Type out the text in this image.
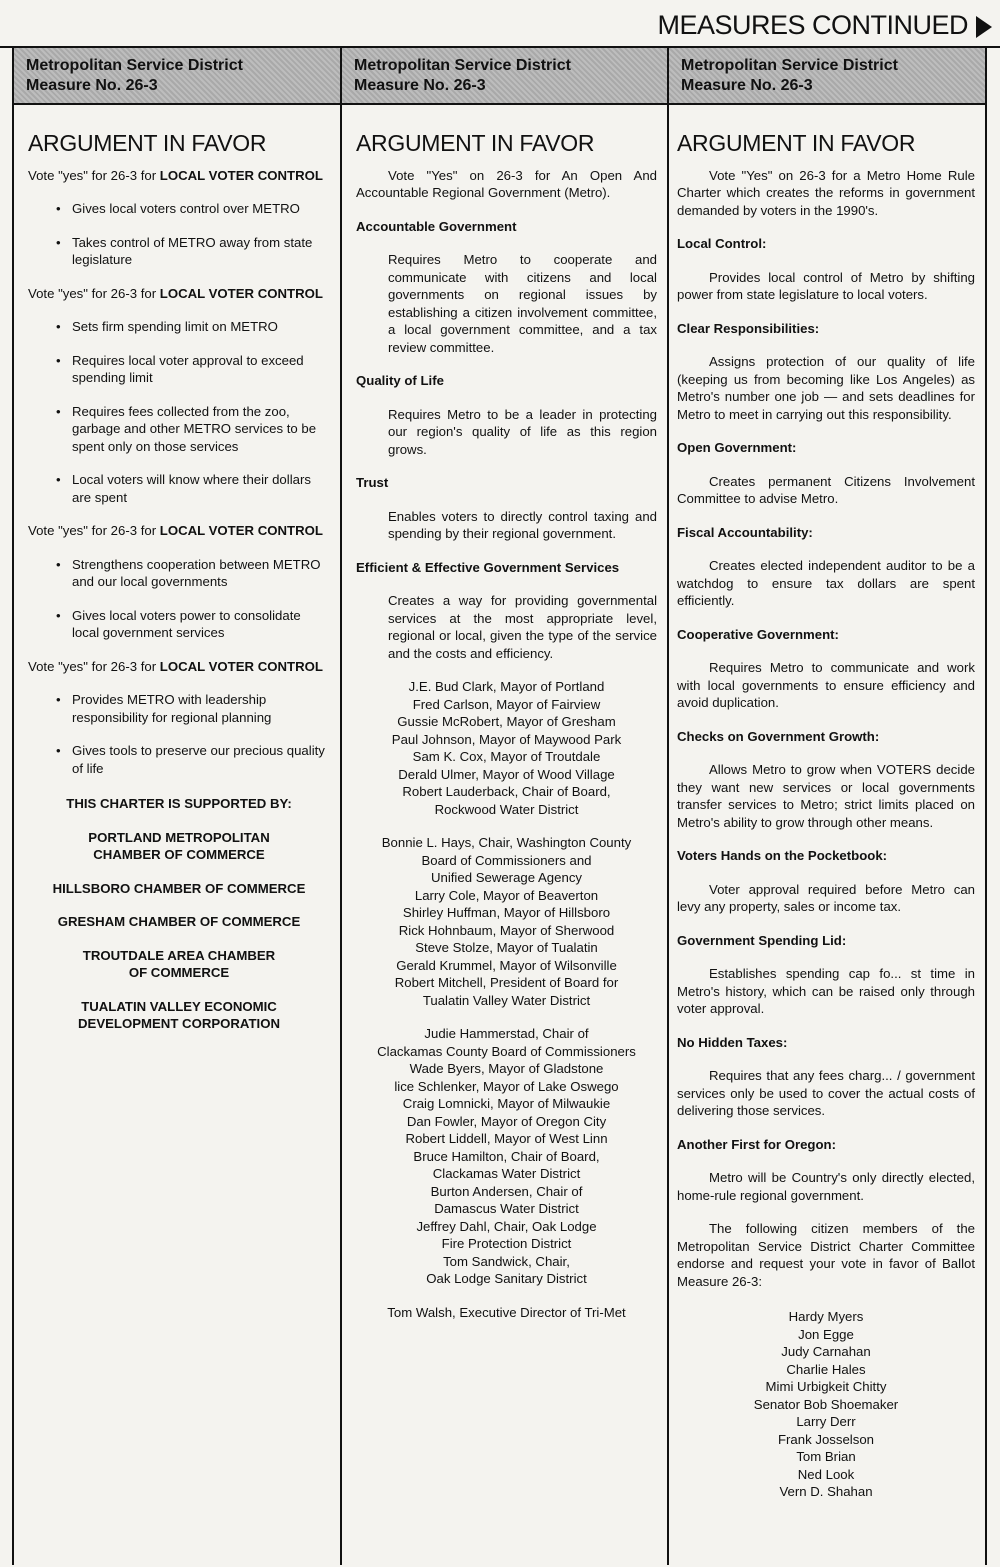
MEASURES CONTINUED
Metropolitan Service District
Measure No. 26-3
ARGUMENT IN FAVOR
Vote "yes" for 26-3 for LOCAL VOTER CONTROL
• Gives local voters control over METRO
• Takes control of METRO away from state legislature
Vote "yes" for 26-3 for LOCAL VOTER CONTROL
• Sets firm spending limit on METRO
• Requires local voter approval to exceed spending limit
• Requires fees collected from the zoo, garbage and other METRO services to be spent only on those services
• Local voters will know where their dollars are spent
Vote "yes" for 26-3 for LOCAL VOTER CONTROL
• Strengthens cooperation between METRO and our local governments
• Gives local voters power to consolidate local government services
Vote "yes" for 26-3 for LOCAL VOTER CONTROL
• Provides METRO with leadership responsibility for regional planning
• Gives tools to preserve our precious quality of life
THIS CHARTER IS SUPPORTED BY:
PORTLAND METROPOLITAN
CHAMBER OF COMMERCE
HILLSBORO CHAMBER OF COMMERCE
GRESHAM CHAMBER OF COMMERCE
TROUTDALE AREA CHAMBER
OF COMMERCE
TUALATIN VALLEY ECONOMIC
DEVELOPMENT CORPORATION
Metropolitan Service District
Measure No. 26-3
ARGUMENT IN FAVOR
Vote "Yes" on 26-3 for An Open And Accountable Regional Government (Metro).
Accountable Government
Requires Metro to cooperate and communicate with citizens and local governments on regional issues by establishing a citizen involvement committee, a local government committee, and a tax review committee.
Quality of Life
Requires Metro to be a leader in protecting our region's quality of life as this region grows.
Trust
Enables voters to directly control taxing and spending by their regional government.
Efficient & Effective Government Services
Creates a way for providing governmental services at the most appropriate level, regional or local, given the type of the service and the costs and efficiency.
J.E. Bud Clark, Mayor of Portland
Fred Carlson, Mayor of Fairview
Gussie McRobert, Mayor of Gresham
Paul Johnson, Mayor of Maywood Park
Sam K. Cox, Mayor of Troutdale
Derald Ulmer, Mayor of Wood Village
Robert Lauderback, Chair of Board,
Rockwood Water District
Bonnie L. Hays, Chair, Washington County
Board of Commissioners and
Unified Sewerage Agency
Larry Cole, Mayor of Beaverton
Shirley Huffman, Mayor of Hillsboro
Rick Hohnbaum, Mayor of Sherwood
Steve Stolze, Mayor of Tualatin
Gerald Krummel, Mayor of Wilsonville
Robert Mitchell, President of Board for
Tualatin Valley Water District
Judie Hammerstad, Chair of
Clackamas County Board of Commissioners
Wade Byers, Mayor of Gladstone
lice Schlenker, Mayor of Lake Oswego
Craig Lomnicki, Mayor of Milwaukie
Dan Fowler, Mayor of Oregon City
Robert Liddell, Mayor of West Linn
Bruce Hamilton, Chair of Board,
Clackamas Water District
Burton Andersen, Chair of
Damascus Water District
Jeffrey Dahl, Chair, Oak Lodge
Fire Protection District
Tom Sandwick, Chair,
Oak Lodge Sanitary District
Tom Walsh, Executive Director of Tri-Met
Metropolitan Service District
Measure No. 26-3
ARGUMENT IN FAVOR
Vote "Yes" on 26-3 for a Metro Home Rule Charter which creates the reforms in government demanded by voters in the 1990's.
Local Control:
Provides local control of Metro by shifting power from state legislature to local voters.
Clear Responsibilities:
Assigns protection of our quality of life (keeping us from becoming like Los Angeles) as Metro's number one job — and sets deadlines for Metro to meet in carrying out this responsibility.
Open Government:
Creates permanent Citizens Involvement Committee to advise Metro.
Fiscal Accountability:
Creates elected independent auditor to be a watchdog to ensure tax dollars are spent efficiently.
Cooperative Government:
Requires Metro to communicate and work with local governments to ensure efficiency and avoid duplication.
Checks on Government Growth:
Allows Metro to grow when VOTERS decide they want new services or local governments transfer services to Metro; strict limits placed on Metro's ability to grow through other means.
Voters Hands on the Pocketbook:
Voter approval required before Metro can levy any property, sales or income tax.
Government Spending Lid:
Establishes spending cap fo... st time in Metro's history, which can be raised only through voter approval.
No Hidden Taxes:
Requires that any fees charg... / government services only be used to cover the actual costs of delivering those services.
Another First for Oregon:
Metro will be Country's only directly elected, home-rule regional government.
The following citizen members of the Metropolitan Service District Charter Committee endorse and request your vote in favor of Ballot Measure 26-3:
Hardy Myers
Jon Egge
Judy Carnahan
Charlie Hales
Mimi Urbigkeit Chitty
Senator Bob Shoemaker
Larry Derr
Frank Josselson
Tom Brian
Ned Look
Vern D. Shahan
